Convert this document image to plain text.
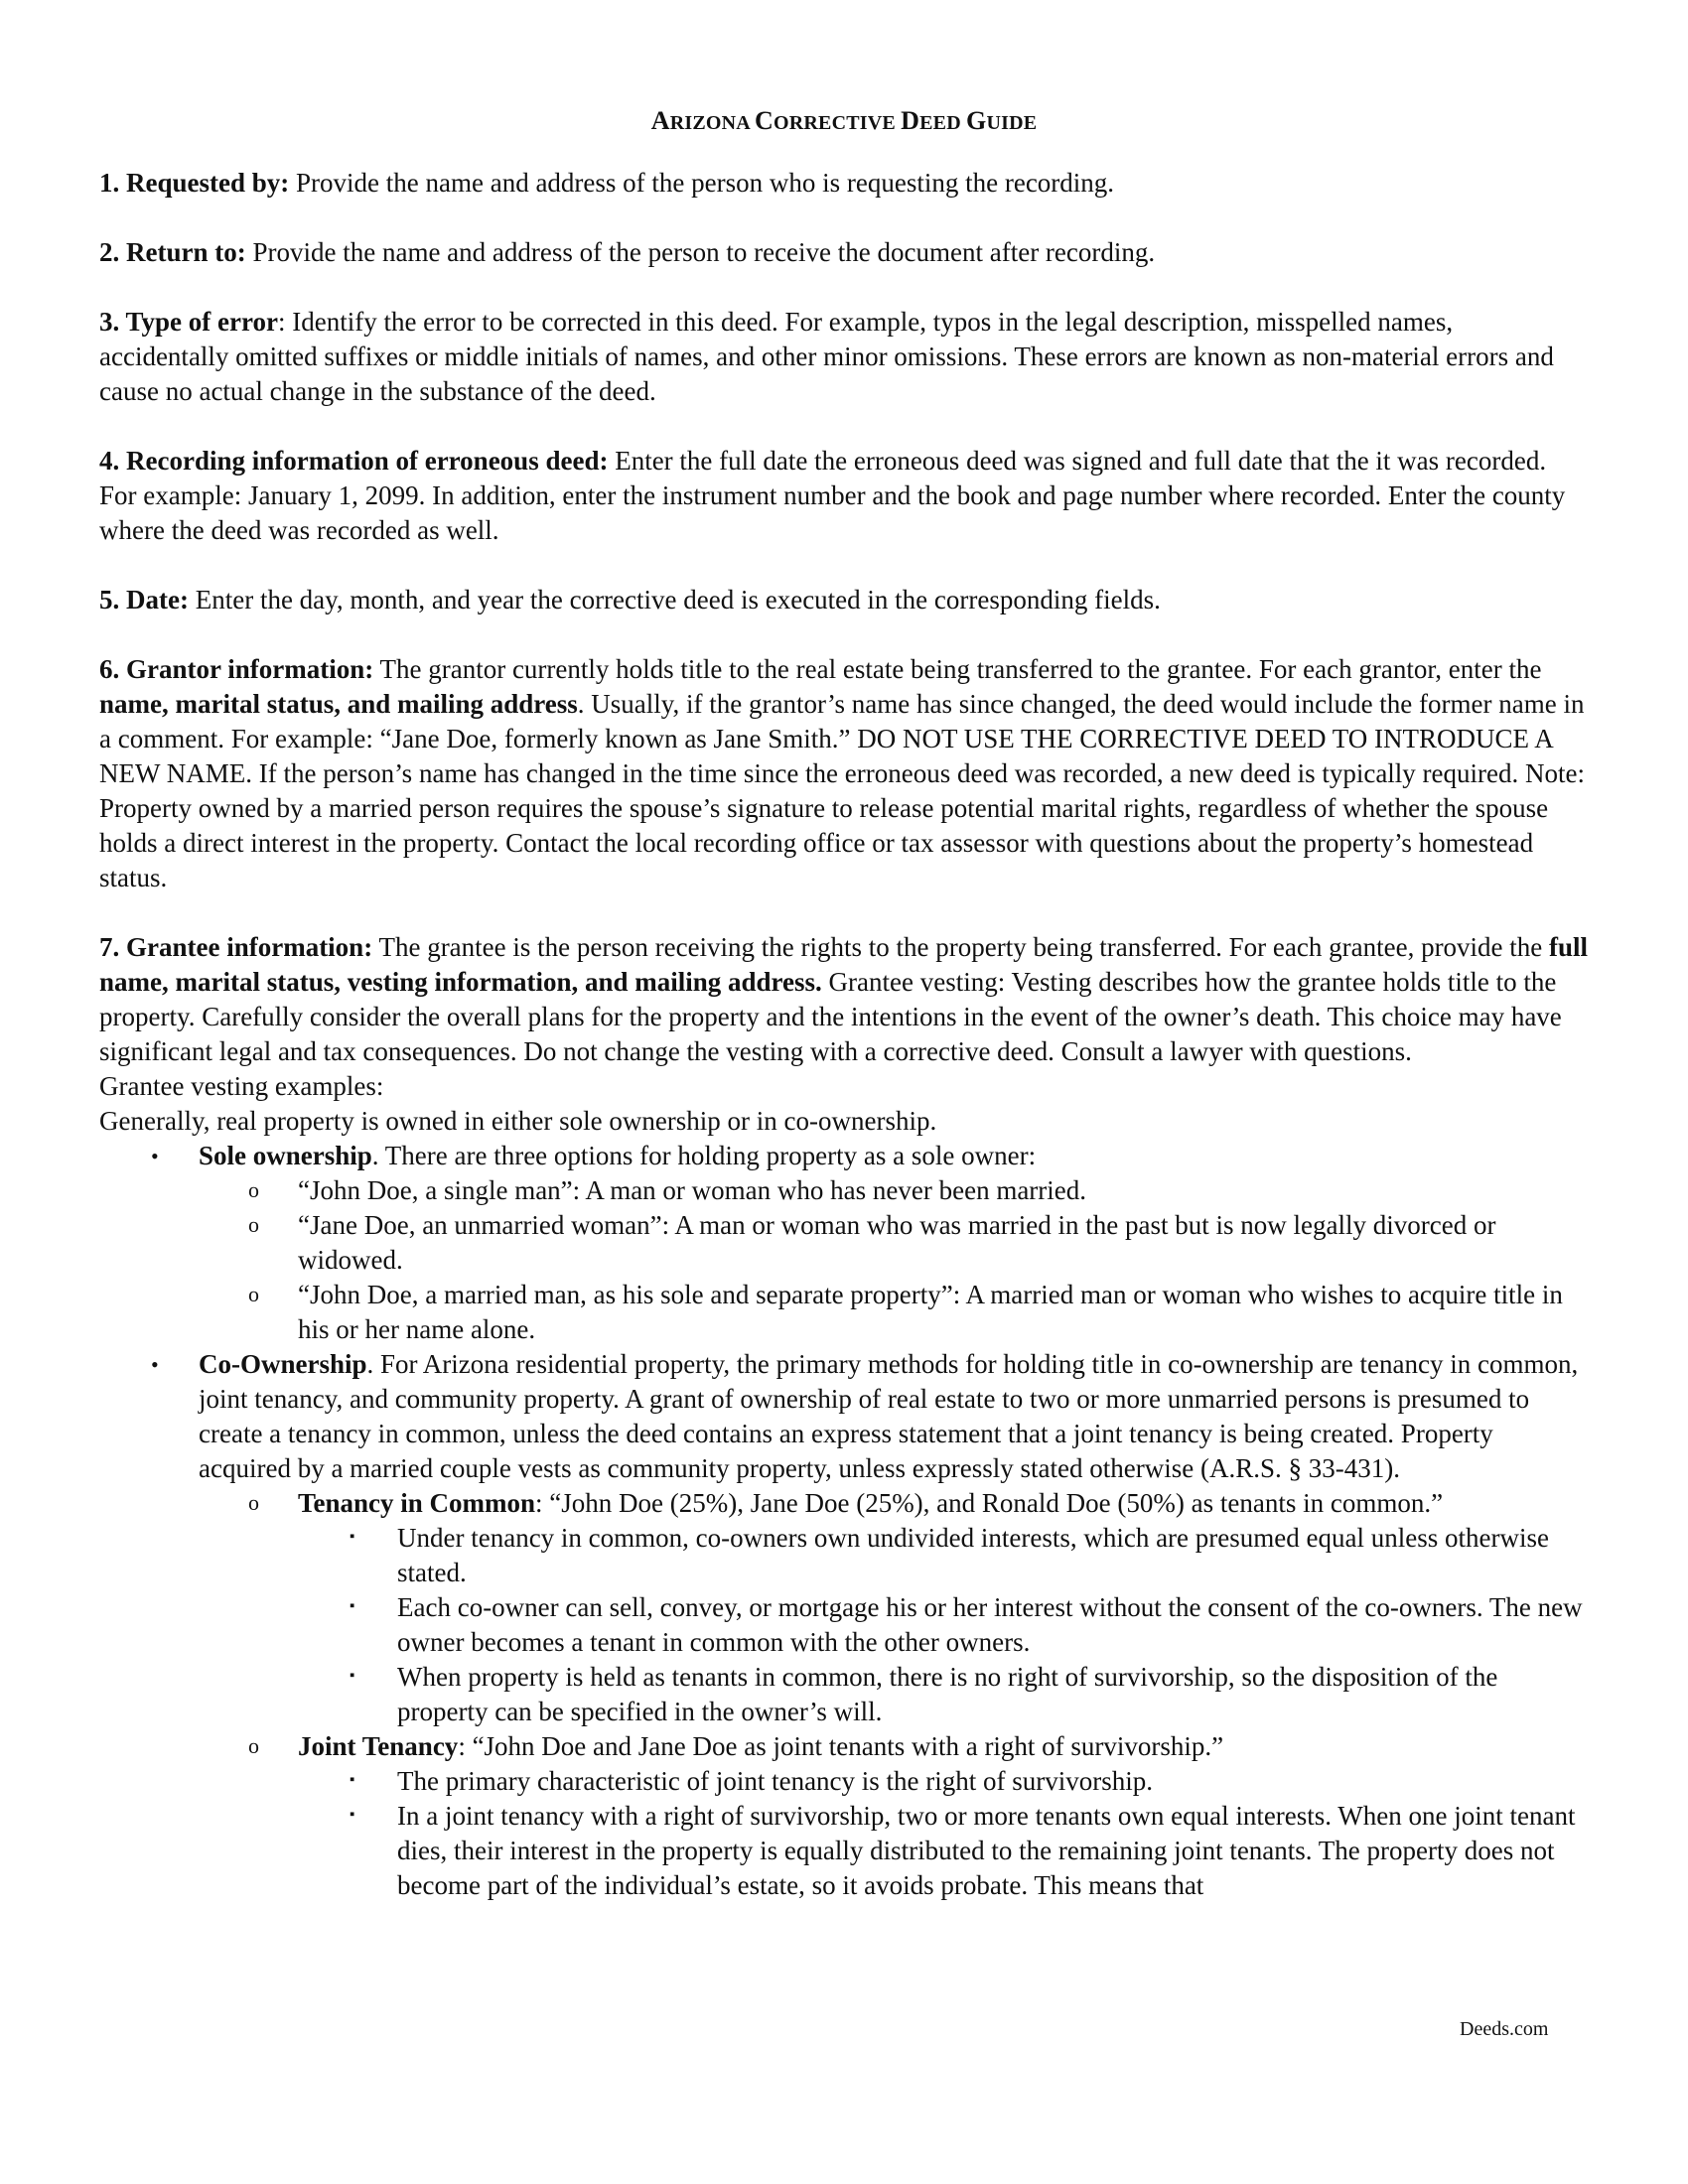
ARIZONA CORRECTIVE DEED GUIDE

1. Requested by: Provide the name and address of the person who is requesting the recording.

2. Return to: Provide the name and address of the person to receive the document after recording.

3. Type of error: Identify the error to be corrected in this deed. For example, typos in the legal description, misspelled names, accidentally omitted suffixes or middle initials of names, and other minor omissions. These errors are known as non-material errors and cause no actual change in the substance of the deed.

4. Recording information of erroneous deed: Enter the full date the erroneous deed was signed and full date that the it was recorded. For example: January 1, 2099. In addition, enter the instrument number and the book and page number where recorded. Enter the county where the deed was recorded as well.

5. Date: Enter the day, month, and year the corrective deed is executed in the corresponding fields.

6. Grantor information: The grantor currently holds title to the real estate being transferred to the grantee. For each grantor, enter the name, marital status, and mailing address. Usually, if the grantor’s name has since changed, the deed would include the former name in a comment. For example: “Jane Doe, formerly known as Jane Smith.” DO NOT USE THE CORRECTIVE DEED TO INTRODUCE A NEW NAME. If the person’s name has changed in the time since the erroneous deed was recorded, a new deed is typically required. Note: Property owned by a married person requires the spouse’s signature to release potential marital rights, regardless of whether the spouse holds a direct interest in the property. Contact the local recording office or tax assessor with questions about the property’s homestead status.

7. Grantee information: The grantee is the person receiving the rights to the property being transferred. For each grantee, provide the full name, marital status, vesting information, and mailing address. Grantee vesting: Vesting describes how the grantee holds title to the property. Carefully consider the overall plans for the property and the intentions in the event of the owner’s death. This choice may have significant legal and tax consequences. Do not change the vesting with a corrective deed. Consult a lawyer with questions.

Grantee vesting examples:

Generally, real property is owned in either sole ownership or in co-ownership.

• Sole ownership. There are three options for holding property as a sole owner:
o “John Doe, a single man”: A man or woman who has never been married.
o “Jane Doe, an unmarried woman”: A man or woman who was married in the past but is now legally divorced or widowed.
o “John Doe, a married man, as his sole and separate property”: A married man or woman who wishes to acquire title in his or her name alone.
• Co-Ownership. For Arizona residential property, the primary methods for holding title in co-ownership are tenancy in common, joint tenancy, and community property. A grant of ownership of real estate to two or more unmarried persons is presumed to create a tenancy in common, unless the deed contains an express statement that a joint tenancy is being created. Property acquired by a married couple vests as community property, unless expressly stated otherwise (A.R.S. § 33-431).
o Tenancy in Common: “John Doe (25%), Jane Doe (25%), and Ronald Doe (50%) as tenants in common.”
▪ Under tenancy in common, co-owners own undivided interests, which are presumed equal unless otherwise stated.
▪ Each co-owner can sell, convey, or mortgage his or her interest without the consent of the co-owners. The new owner becomes a tenant in common with the other owners.
▪ When property is held as tenants in common, there is no right of survivorship, so the disposition of the property can be specified in the owner’s will.
o Joint Tenancy: “John Doe and Jane Doe as joint tenants with a right of survivorship.”
▪ The primary characteristic of joint tenancy is the right of survivorship.
▪ In a joint tenancy with a right of survivorship, two or more tenants own equal interests. When one joint tenant dies, their interest in the property is equally distributed to the remaining joint tenants. The property does not become part of the individual’s estate, so it avoids probate. This means that
Deeds.com
